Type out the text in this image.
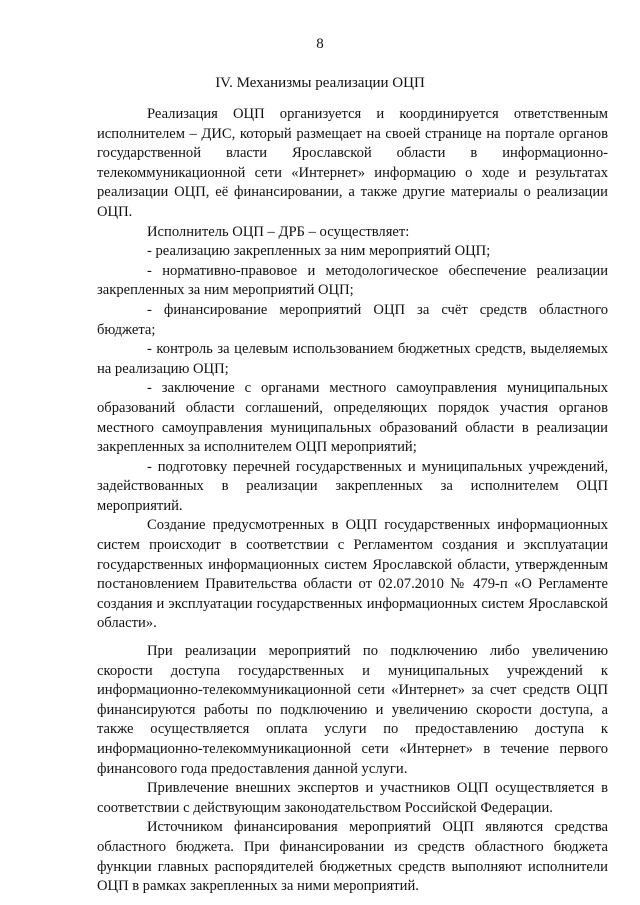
8
IV. Механизмы реализации ОЦП

Реализация ОЦП организуется и координируется ответственным исполнителем – ДИС, который размещает на своей странице на портале органов государственной власти Ярославской области в информационно-телекоммуникационной сети «Интернет» информацию о ходе и результатах реализации ОЦП, её финансировании, а также другие материалы о реализации ОЦП.

Исполнитель ОЦП – ДРБ – осуществляет:

- реализацию закрепленных за ним мероприятий ОЦП;

- нормативно-правовое и методологическое обеспечение реализации закрепленных за ним мероприятий ОЦП;

- финансирование мероприятий ОЦП за счёт средств областного бюджета;

- контроль за целевым использованием бюджетных средств, выделяемых на реализацию ОЦП;

- заключение с органами местного самоуправления муниципальных образований области соглашений, определяющих порядок участия органов местного самоуправления муниципальных образований области в реализации закрепленных за исполнителем ОЦП мероприятий;

- подготовку перечней государственных и муниципальных учреждений, задействованных в реализации закрепленных за исполнителем ОЦП мероприятий.

Создание предусмотренных в ОЦП государственных информационных систем происходит в соответствии с Регламентом создания и эксплуатации государственных информационных систем Ярославской области, утвержденным постановлением Правительства области от 02.07.2010 № 479-п «О Регламенте создания и эксплуатации государственных информационных систем Ярославской области».

При реализации мероприятий по подключению либо увеличению скорости доступа государственных и муниципальных учреждений к информационно-телекоммуникационной сети «Интернет» за счет средств ОЦП финансируются работы по подключению и увеличению скорости доступа, а также осуществляется оплата услуги по предоставлению доступа к информационно-телекоммуникационной сети «Интернет» в течение первого финансового года предоставления данной услуги.

Привлечение внешних экспертов и участников ОЦП осуществляется в соответствии с действующим законодательством Российской Федерации.

Источником финансирования мероприятий ОЦП являются средства областного бюджета. При финансировании из средств областного бюджета функции главных распорядителей бюджетных средств выполняют исполнители ОЦП в рамках закрепленных за ними мероприятий.
